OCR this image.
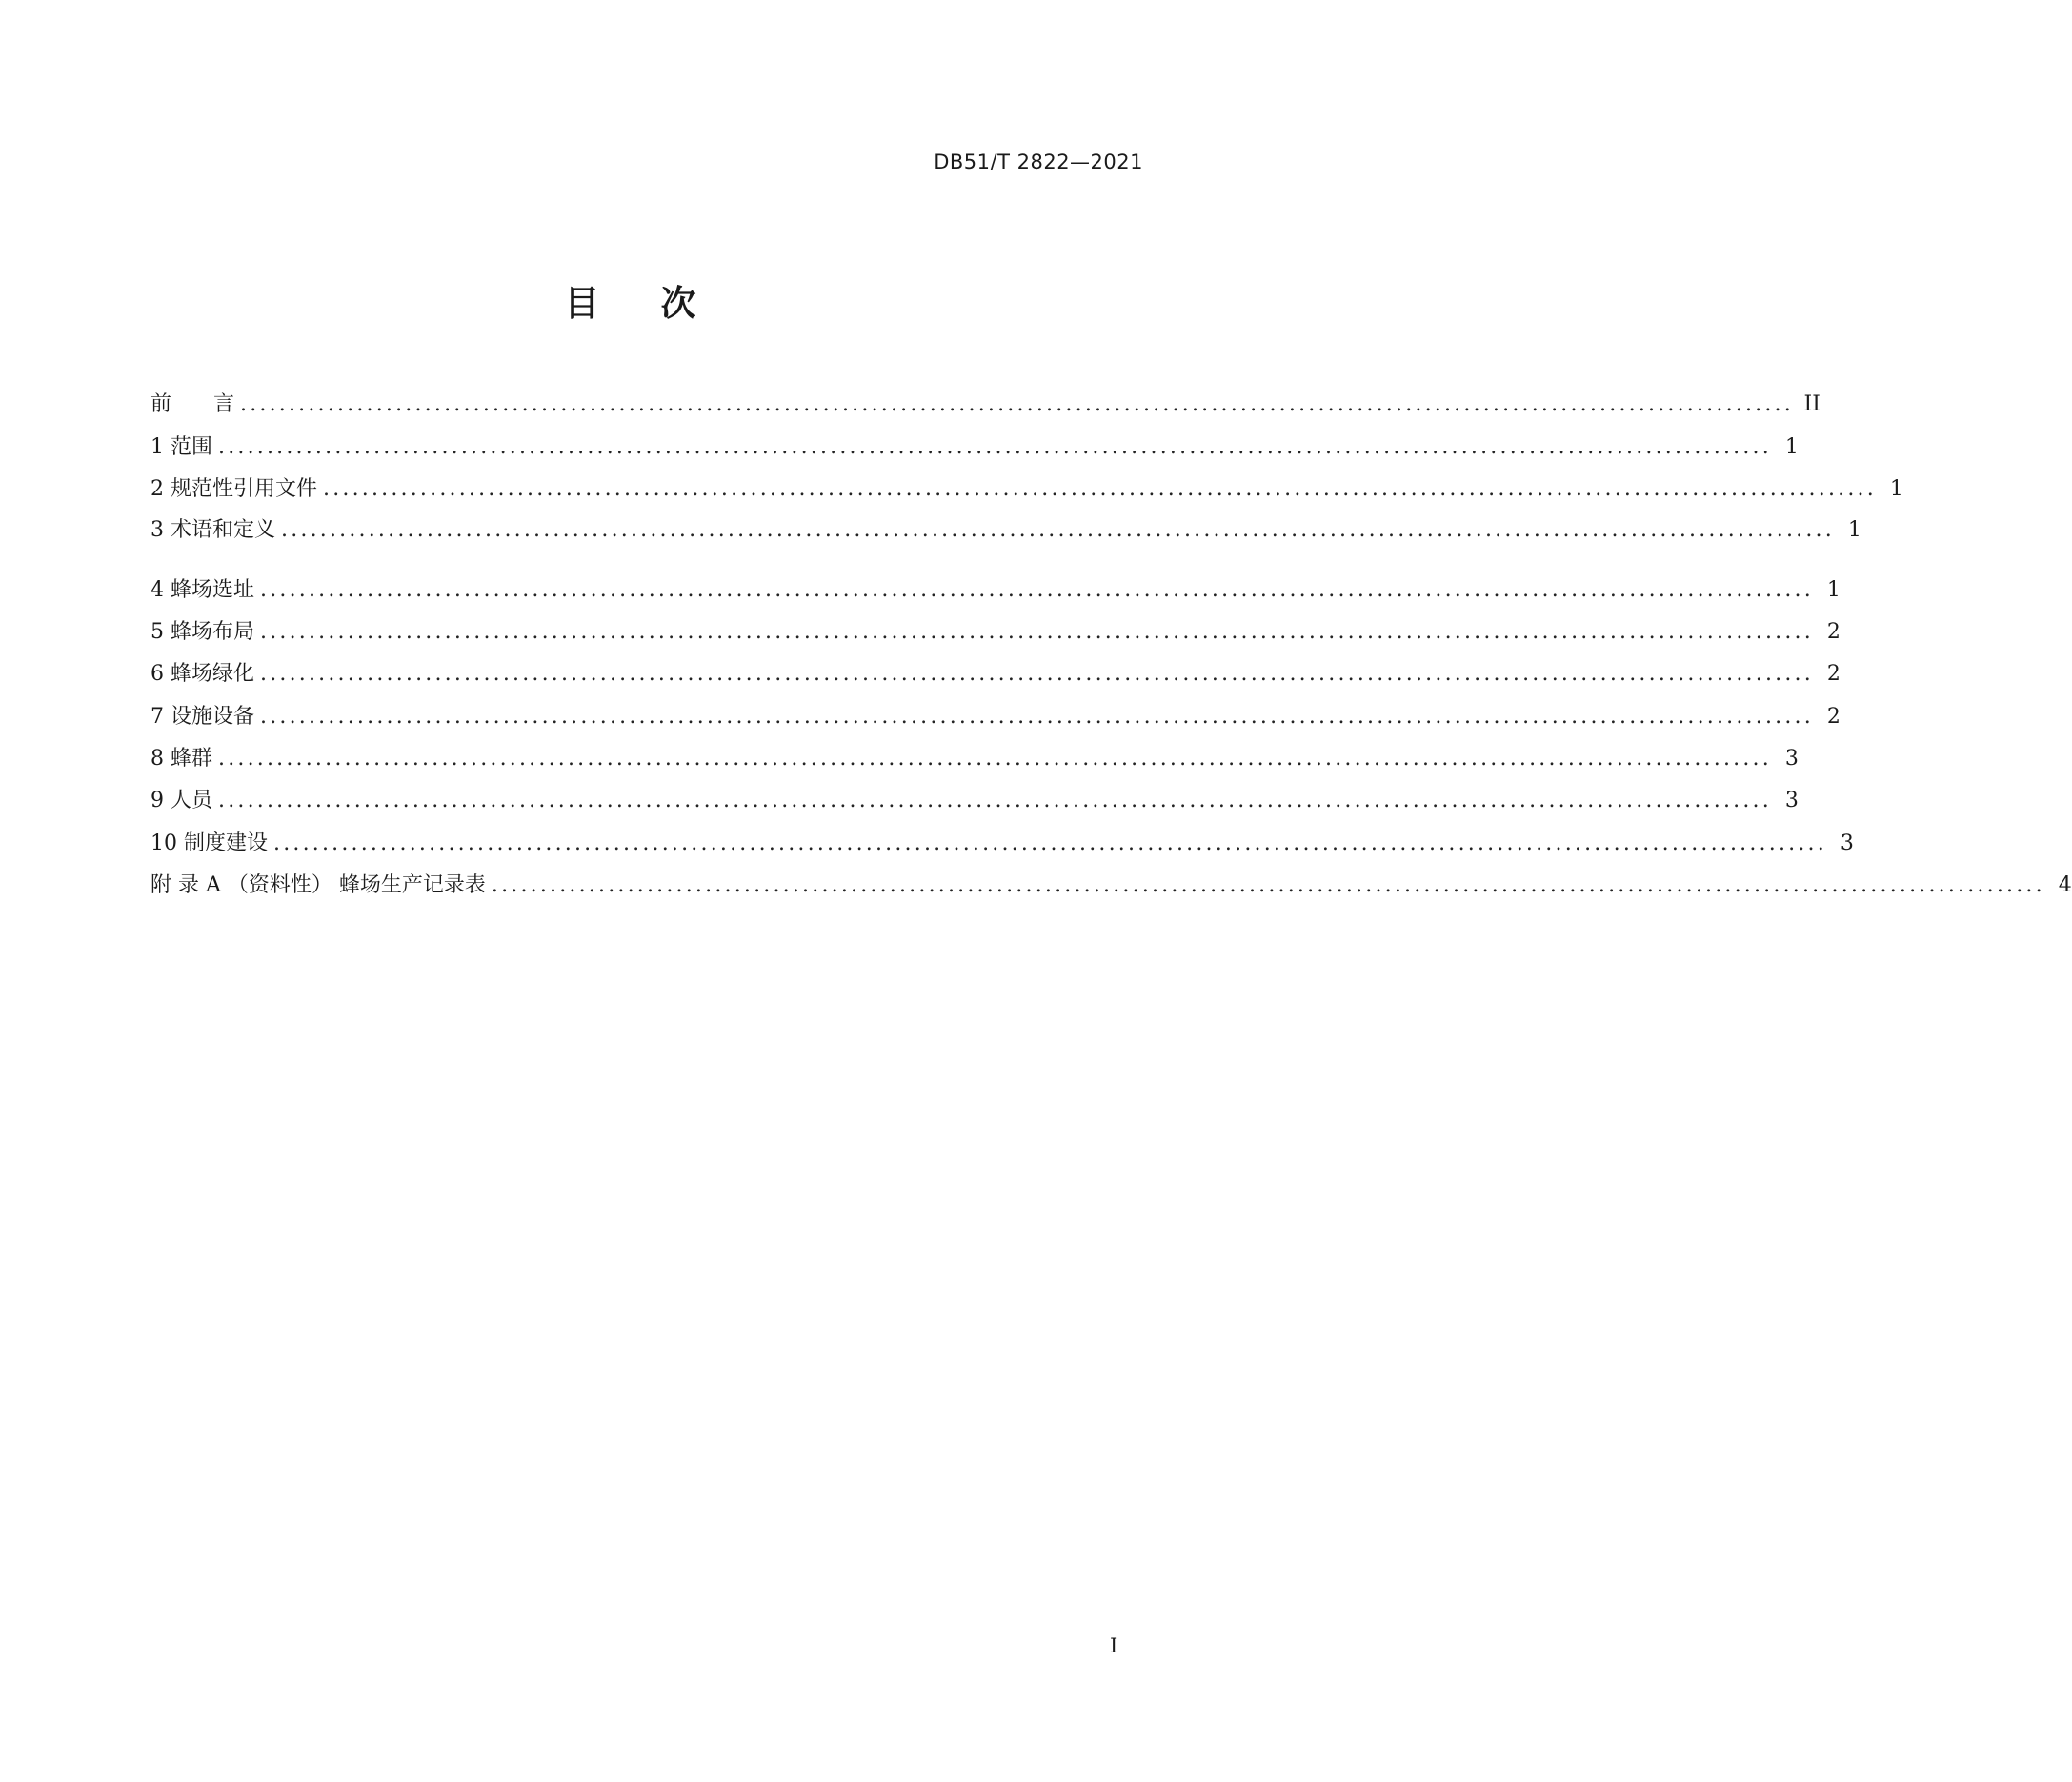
DB51/T 2822—2021
目 次
前　　言 ................................................................................................................................................................ II
1 范围 ................................................................................................................................................................ 1
2 规范性引用文件 ................................................................................................................................................................ 1
3 术语和定义 ................................................................................................................................................................ 1
4 蜂场选址 ................................................................................................................................................................ 1
5 蜂场布局 ................................................................................................................................................................ 2
6 蜂场绿化 ................................................................................................................................................................ 2
7 设施设备 ................................................................................................................................................................ 2
8 蜂群 ................................................................................................................................................................ 3
9 人员 ................................................................................................................................................................ 3
10 制度建设 ................................................................................................................................................................ 3
附 录 A （资料性） 蜂场生产记录表 ................................................................................................................................................................ 4
I
